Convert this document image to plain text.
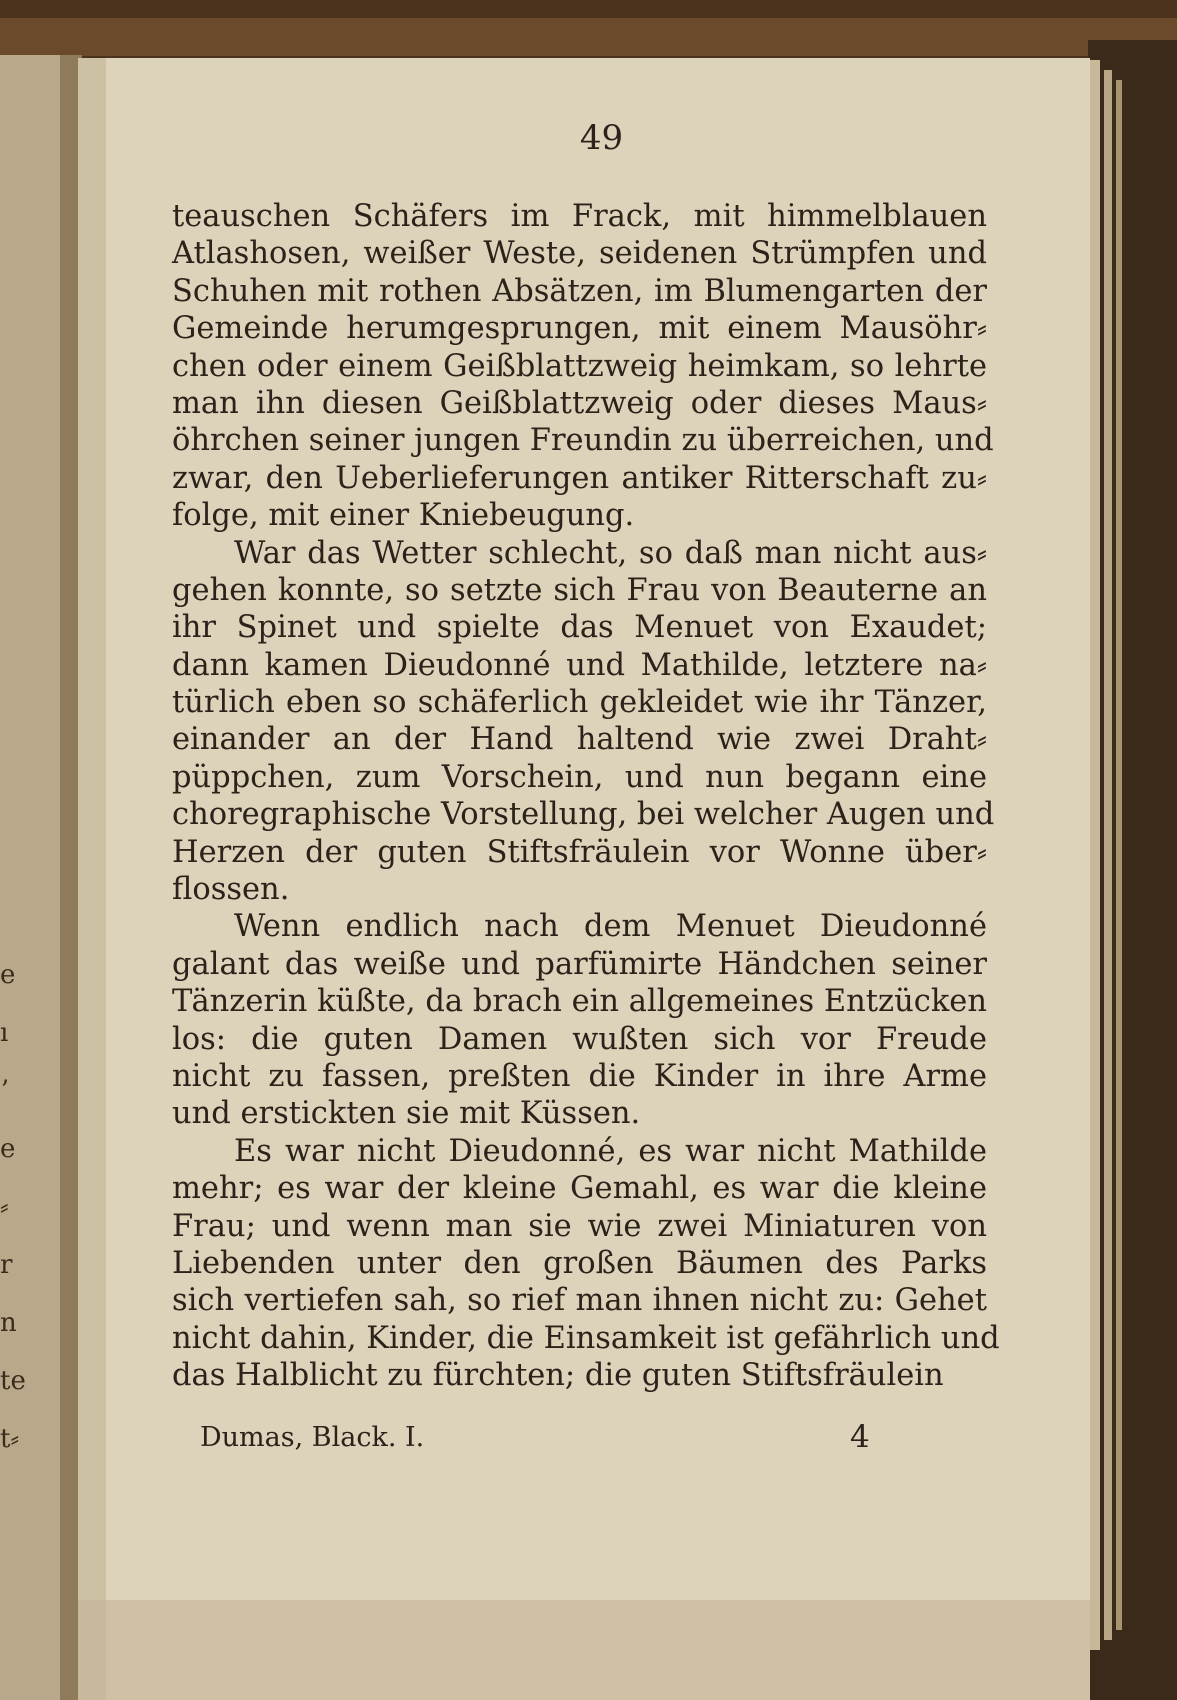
e
ı
ʼ
e
⸗
r
n
te
t⸗
49
teauschen Schäfers im Frack, mit himmelblauen
Atlashosen, weißer Weste, seidenen Strümpfen und
Schuhen mit rothen Absätzen, im Blumengarten der
Gemeinde herumgesprungen, mit einem Mausöhr⸗
chen oder einem Geißblattzweig heimkam, so lehrte
man ihn diesen Geißblattzweig oder dieses Maus⸗
öhrchen seiner jungen Freundin zu überreichen, und
zwar, den Ueberlieferungen antiker Ritterschaft zu⸗
folge, mit einer Kniebeugung.
War das Wetter schlecht, so daß man nicht aus⸗
gehen konnte, so setzte sich Frau von Beauterne an
ihr Spinet und spielte das Menuet von Exaudet;
dann kamen Dieudonné und Mathilde, letztere na⸗
türlich eben so schäferlich gekleidet wie ihr Tänzer,
einander an der Hand haltend wie zwei Draht⸗
püppchen, zum Vorschein, und nun begann eine
choregraphische Vorstellung, bei welcher Augen und
Herzen der guten Stiftsfräulein vor Wonne über⸗
flossen.
Wenn endlich nach dem Menuet Dieudonné
galant das weiße und parfümirte Händchen seiner
Tänzerin küßte, da brach ein allgemeines Entzücken
los: die guten Damen wußten sich vor Freude
nicht zu fassen, preßten die Kinder in ihre Arme
und erstickten sie mit Küssen.
Es war nicht Dieudonné, es war nicht Mathilde
mehr; es war der kleine Gemahl, es war die kleine
Frau; und wenn man sie wie zwei Miniaturen von
Liebenden unter den großen Bäumen des Parks
sich vertiefen sah, so rief man ihnen nicht zu: Gehet
nicht dahin, Kinder, die Einsamkeit ist gefährlich und
das Halblicht zu fürchten; die guten Stiftsfräulein
Dumas, Black. I.	4
